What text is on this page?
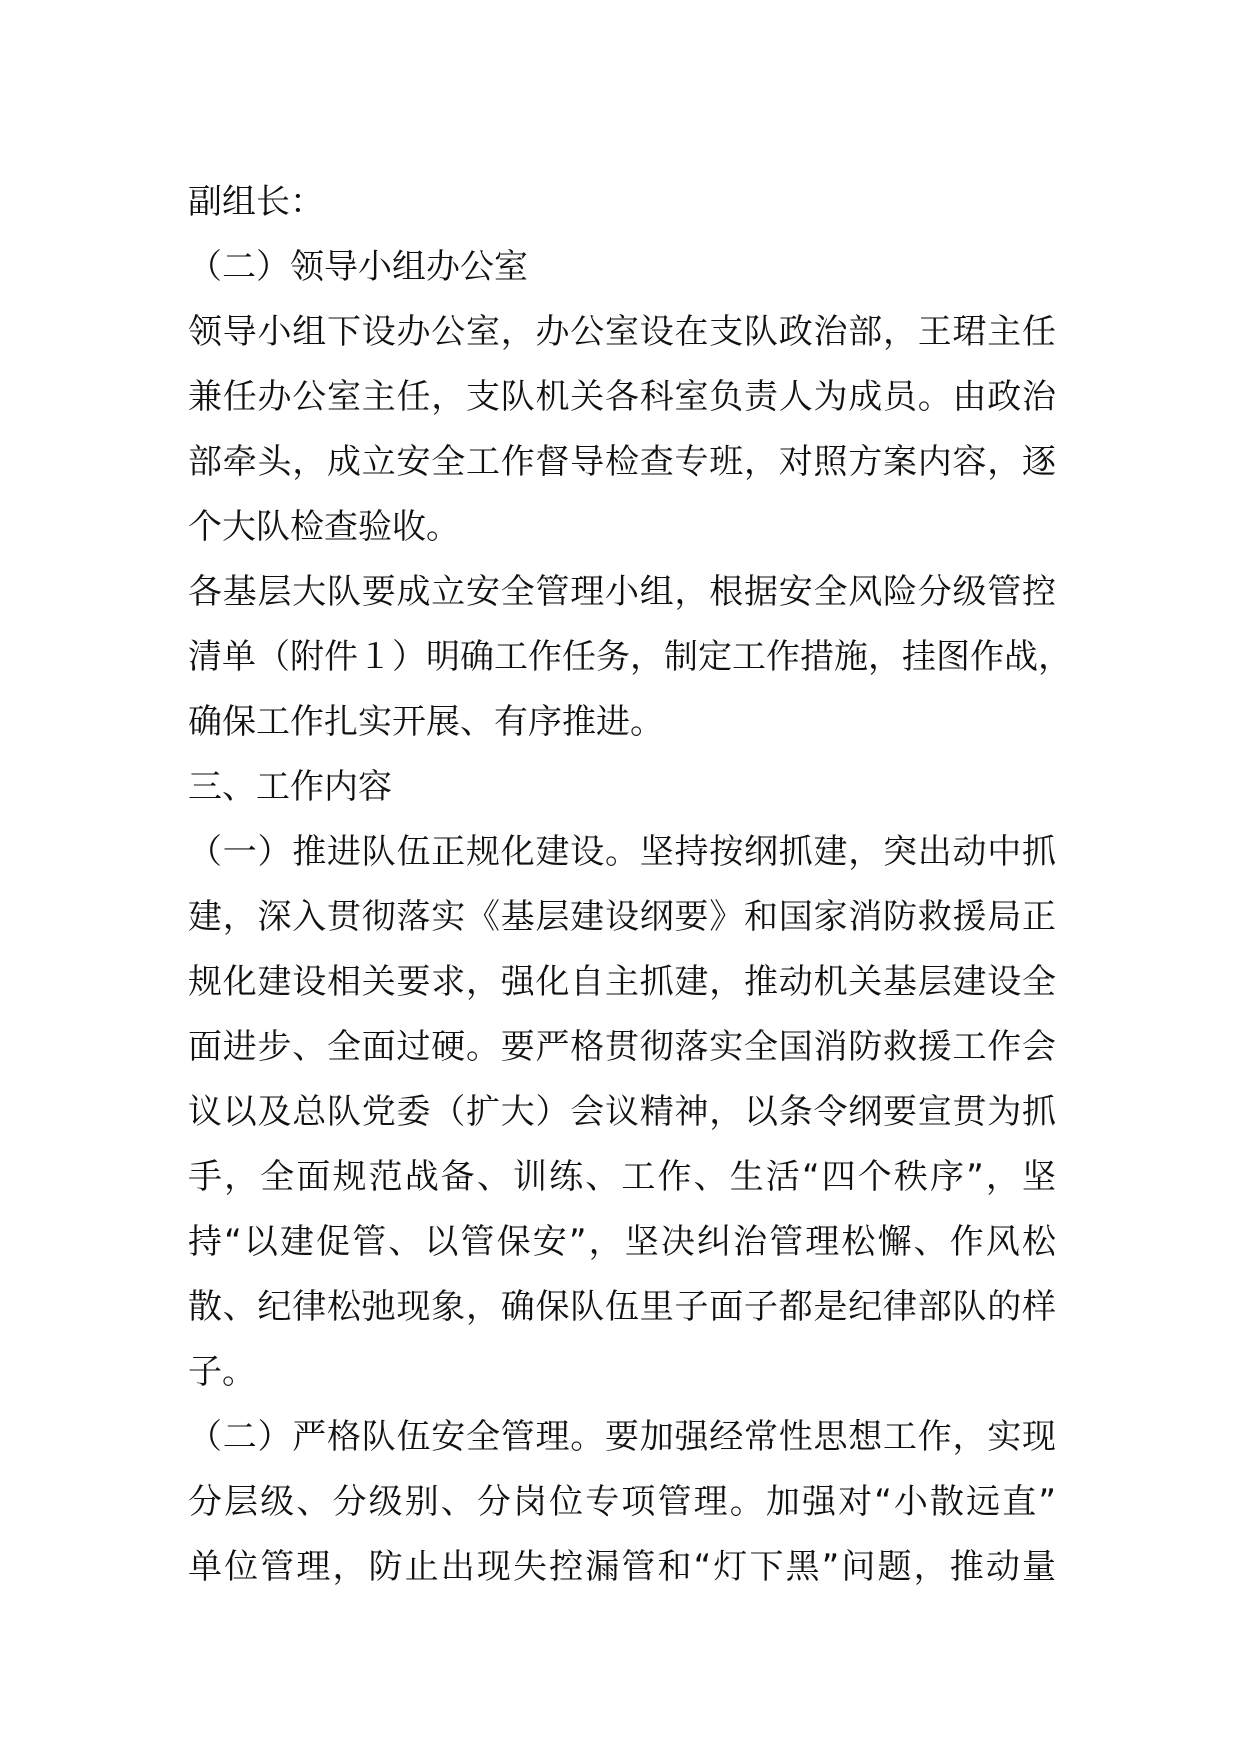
副组长：
（二）领导小组办公室
领导小组下设办公室，办公室设在支队政治部，王珺主任
兼任办公室主任，支队机关各科室负责人为成员。由政治
部牵头，成立安全工作督导检查专班，对照方案内容，逐
个大队检查验收。
各基层大队要成立安全管理小组，根据安全风险分级管控
清单（附件１）明确工作任务，制定工作措施，挂图作战，
确保工作扎实开展、有序推进。
三、工作内容
（一）推进队伍正规化建设。坚持按纲抓建，突出动中抓
建，深入贯彻落实《基层建设纲要》和国家消防救援局正
规化建设相关要求，强化自主抓建，推动机关基层建设全
面进步、全面过硬。要严格贯彻落实全国消防救援工作会
议以及总队党委（扩大）会议精神，以条令纲要宣贯为抓
手，全面规范战备、训练、工作、生活“四个秩序”，坚
持“以建促管、以管保安”，坚决纠治管理松懈、作风松
散、纪律松弛现象，确保队伍里子面子都是纪律部队的样
子。
（二）严格队伍安全管理。要加强经常性思想工作，实现
分层级、分级别、分岗位专项管理。加强对“小散远直”
单位管理，防止出现失控漏管和“灯下黑”问题，推动量
